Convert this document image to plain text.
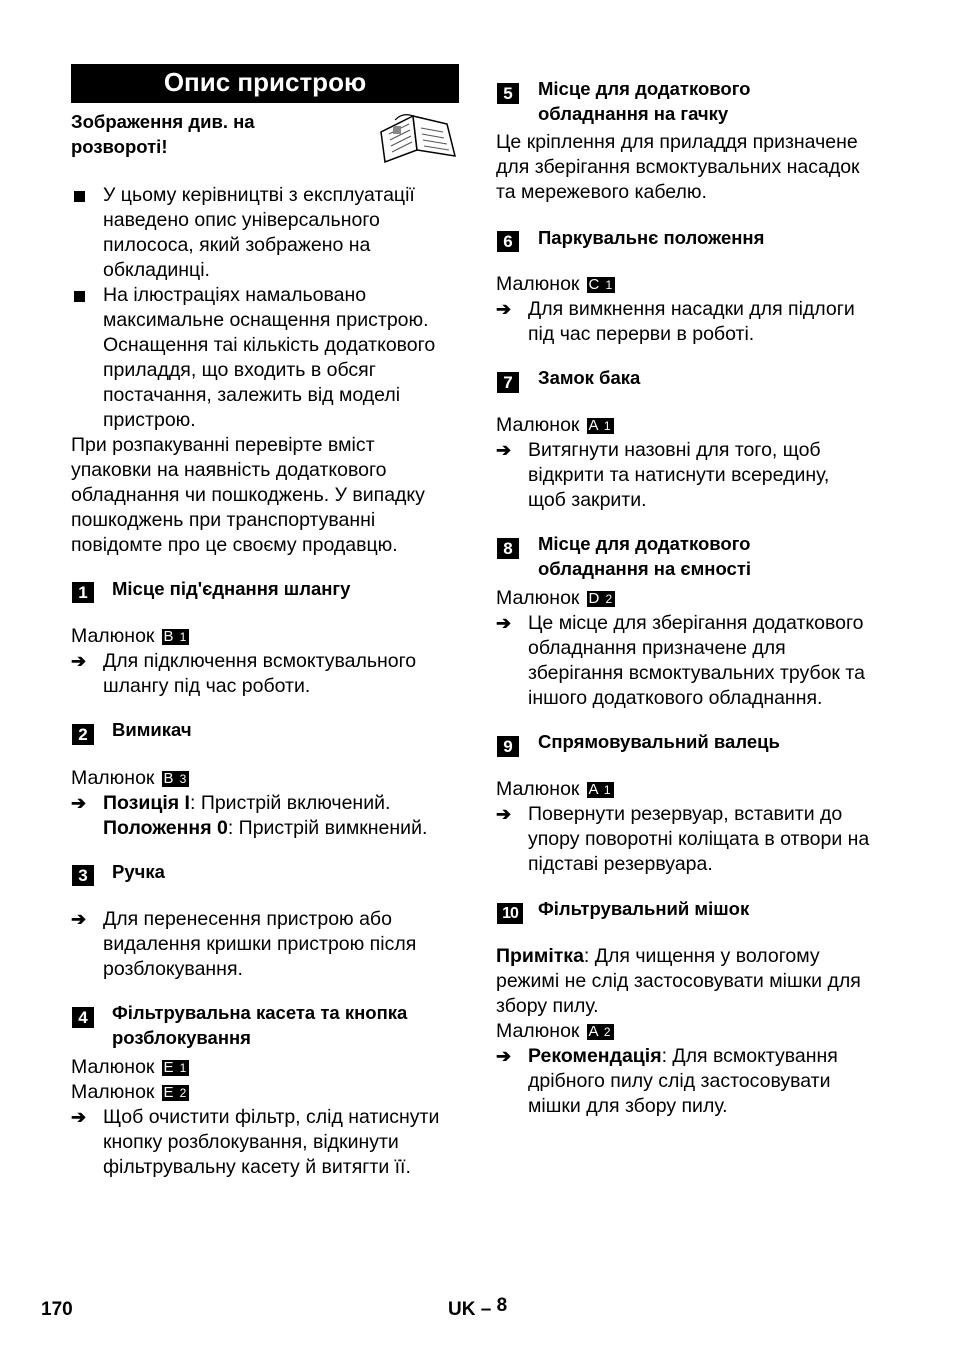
Опис пристрою
Зображення див. на
розвороті!
У цьому керівництві з експлуатації
наведено опис універсального
пилососа, який зображено на
обкладинці.
На ілюстраціях намальовано
максимальне оснащення пристрою.
Оснащення таі кількість додаткового
приладдя, що входить в обсяг
постачання, залежить від моделі
пристрою.
При розпакуванні перевірте вміст
упаковки на наявність додаткового
обладнання чи пошкоджень. У випадку
пошкоджень при транспортуванні
повідомте про це своєму продавцю.
1	Місце під'єднання шлангу
Малюнок B 1
➔ Для підключення всмоктувального
шлангу під час роботи.
2	Вимикач
Малюнок B 3
➔ Позиція I: Пристрій включений.
Положення 0: Пристрій вимкнений.
3	Ручка
➔ Для перенесення пристрою або
видалення кришки пристрою після
розблокування.
4	Фільтрувальна касета та кнопка
розблокування
Малюнок E 1
Малюнок E 2
➔ Щоб очистити фільтр, слід натиснути
кнопку розблокування, відкинути
фільтрувальну касету й витягти її.
5	Місце для додаткового
обладнання на гачку
Це кріплення для приладдя призначене
для зберігання всмоктувальних насадок
та мережевого кабелю.
6	Паркувальнє положення
Малюнок C 1
➔ Для вимкнення насадки для підлоги
під час перерви в роботі.
7	Замок бака
Малюнок A 1
➔ Витягнути назовні для того, щоб
відкрити та натиснути всередину,
щоб закрити.
8	Місце для додаткового
обладнання на ємності
Малюнок D 2
➔ Це місце для зберігання додаткового
обладнання призначене для
зберігання всмоктувальних трубок та
іншого додаткового обладнання.
9	Спрямовувальний валець
Малюнок A 1
➔ Повернути резервуар, вставити до
упору поворотні коліщата в отвори на
підставі резервуара.
10 Фільтрувальний мішок
Примітка: Для чищення у вологому
режимі не слід застосовувати мішки для
збору пилу.
Малюнок A 2
➔ Рекомендація: Для всмоктування
дрібного пилу слід застосовувати
мішки для збору пилу.
170	UK – 8
